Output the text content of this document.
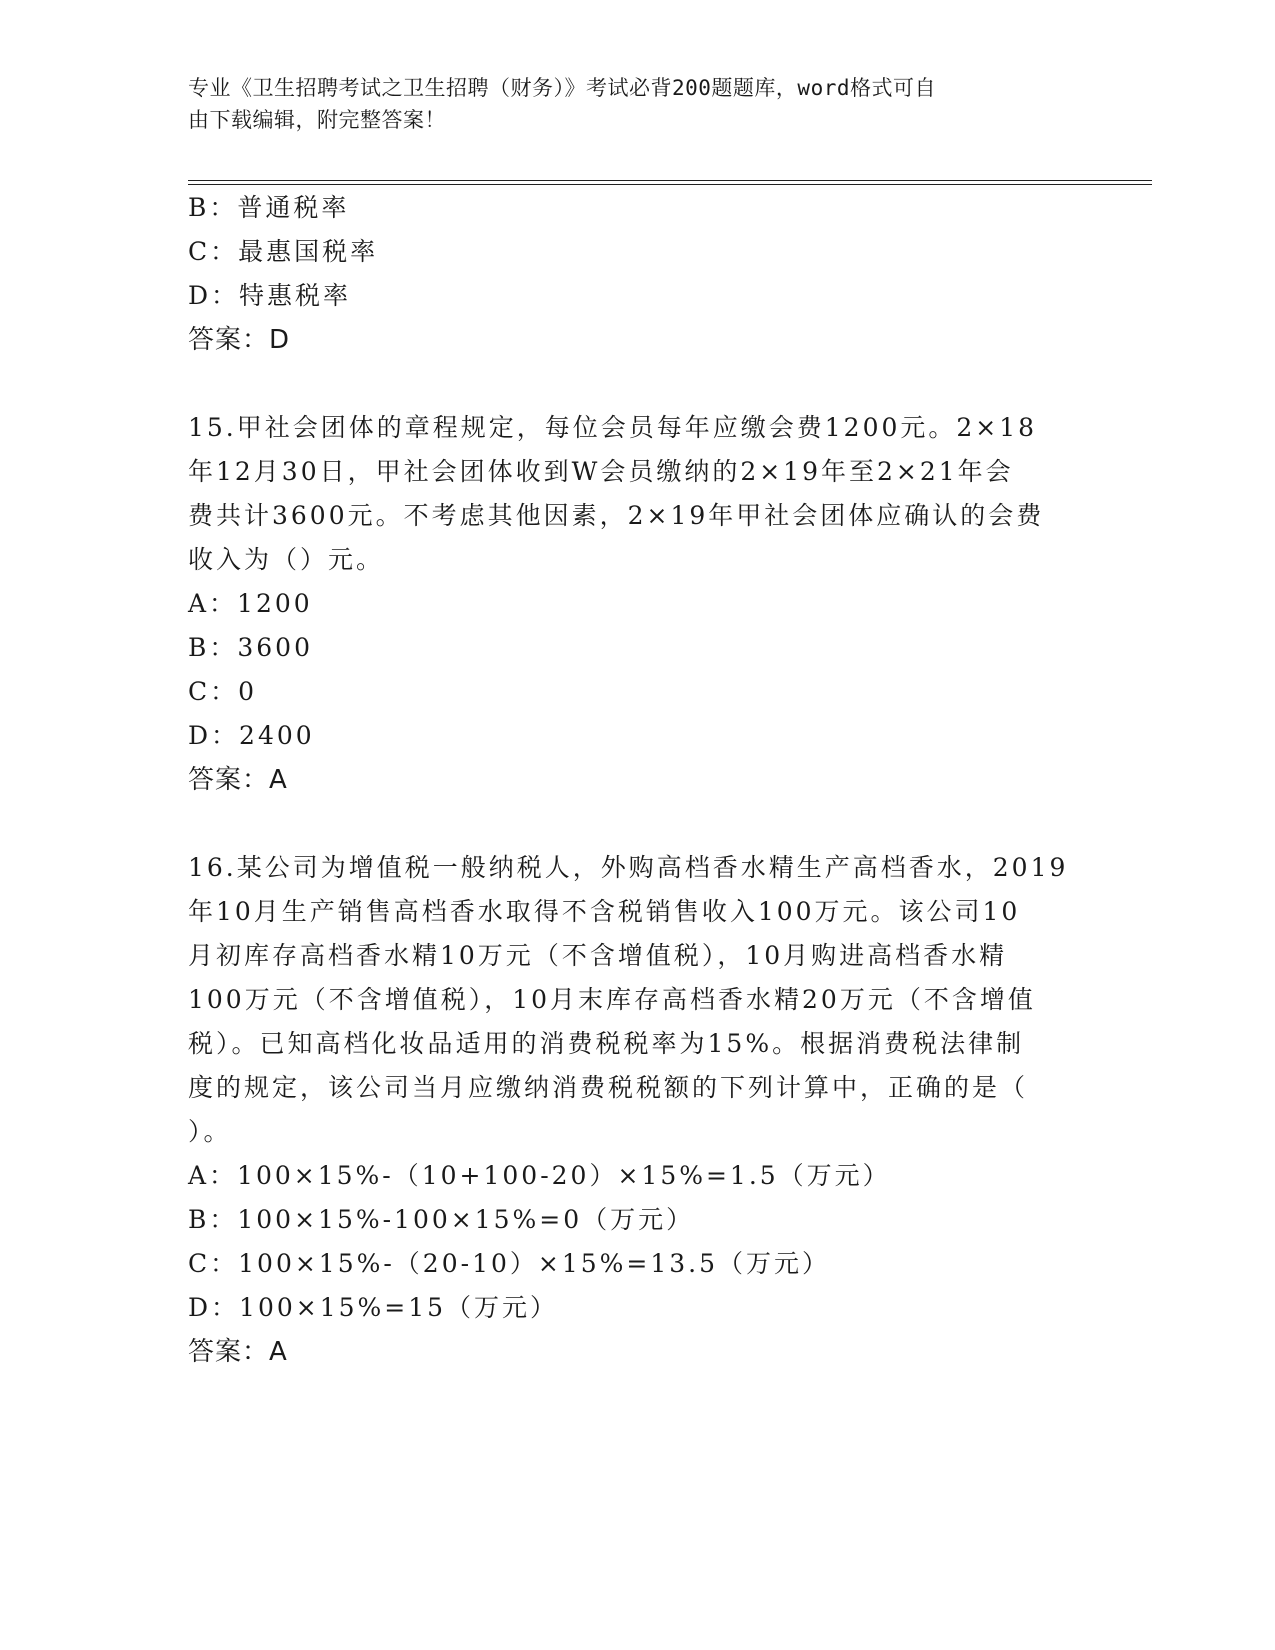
专业《卫生招聘考试之卫生招聘（财务）》考试必背200题题库，word格式可自
由下载编辑，附完整答案！
B：普通税率
C：最惠国税率
D：特惠税率
答案：D
15.甲社会团体的章程规定，每位会员每年应缴会费1200元。2×18
年12月30日，甲社会团体收到W会员缴纳的2×19年至2×21年会
费共计3600元。不考虑其他因素，2×19年甲社会团体应确认的会费
收入为（）元。
A：1200
B：3600
C：0
D：2400
答案：A
16.某公司为增值税一般纳税人，外购高档香水精生产高档香水，2019
年10月生产销售高档香水取得不含税销售收入100万元。该公司10
月初库存高档香水精10万元（不含增值税），10月购进高档香水精
100万元（不含增值税），10月末库存高档香水精20万元（不含增值
税）。已知高档化妆品适用的消费税税率为15%。根据消费税法律制
度的规定，该公司当月应缴纳消费税税额的下列计算中，正确的是（
）。
A：100×15%-（10+100-20）×15%=1.5（万元）
B：100×15%-100×15%=0（万元）
C：100×15%-（20-10）×15%=13.5（万元）
D：100×15%=15（万元）
答案：A
